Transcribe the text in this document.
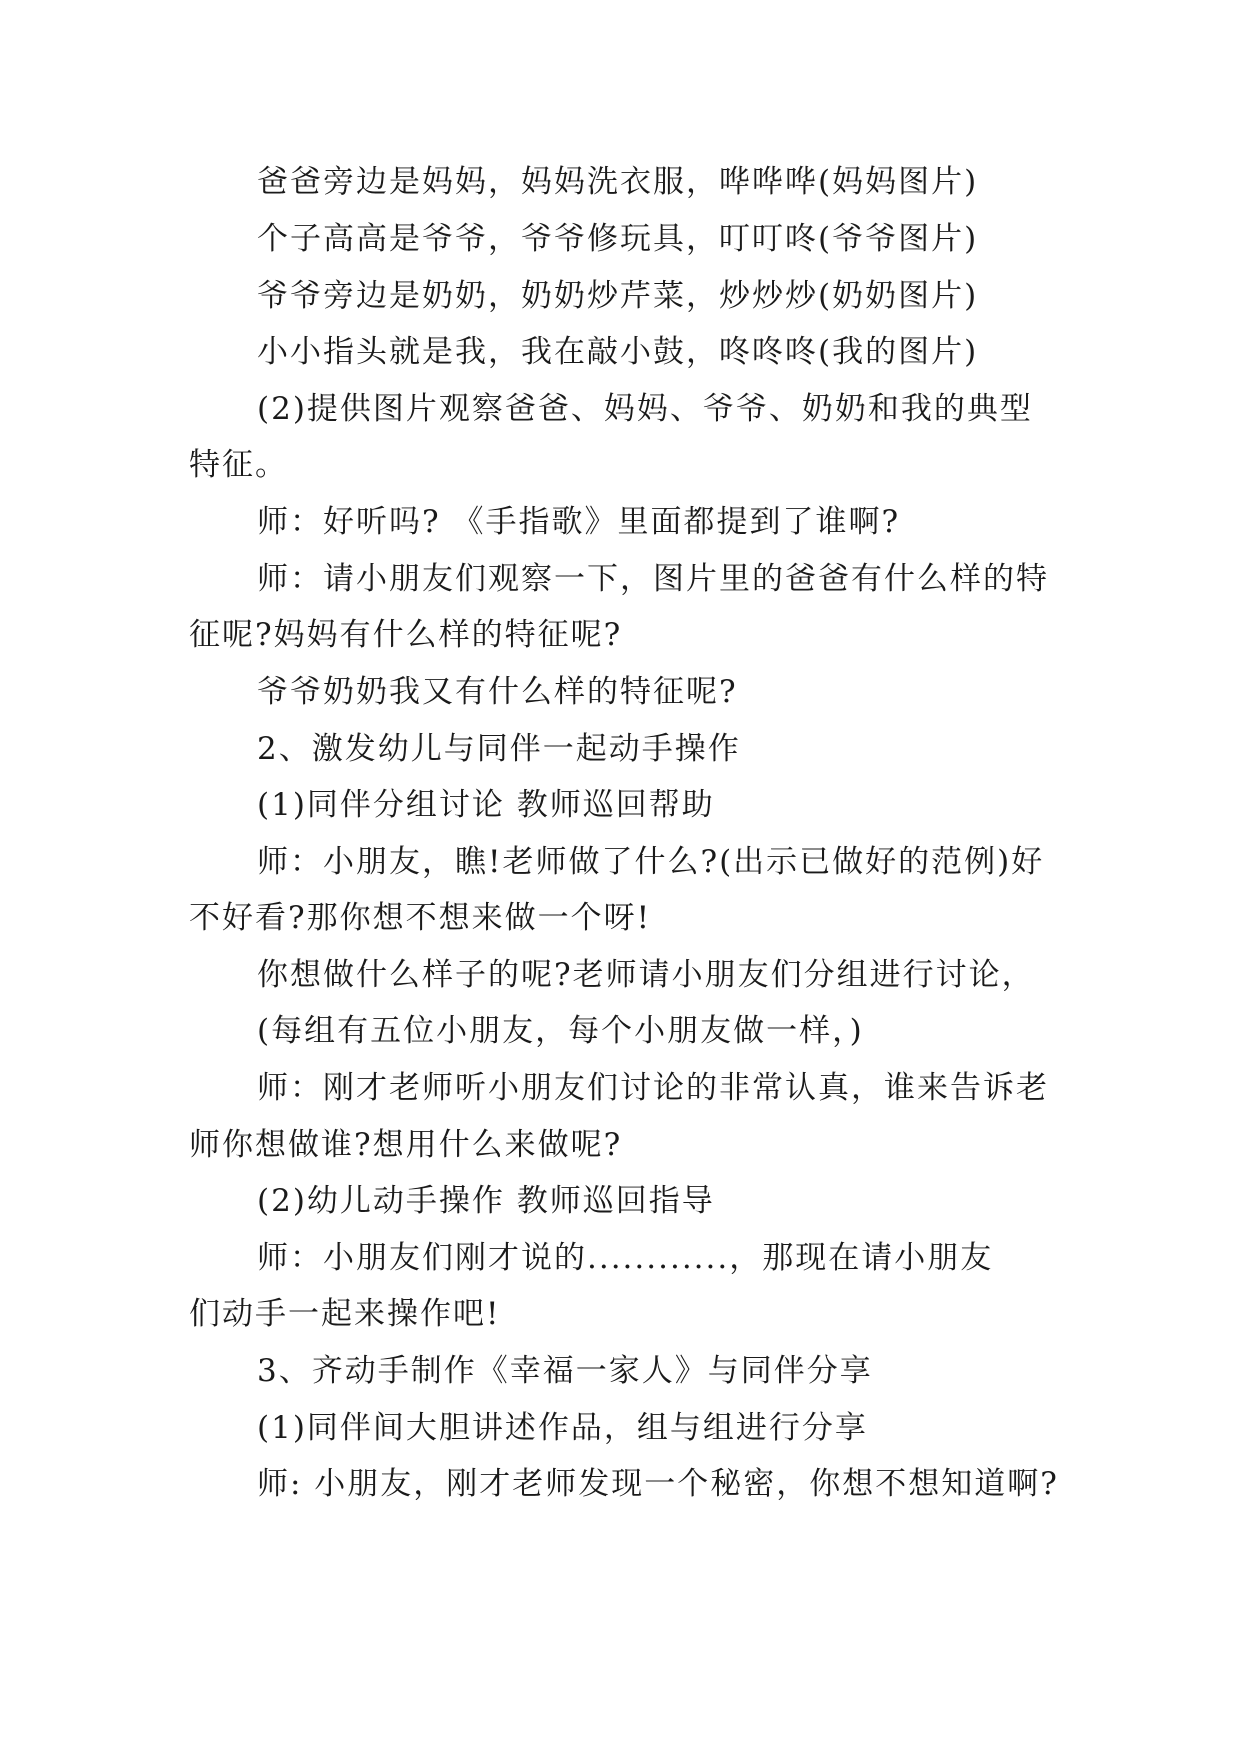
爸爸旁边是妈妈，妈妈洗衣服，哗哗哗(妈妈图片)
个子高高是爷爷，爷爷修玩具，叮叮咚(爷爷图片)
爷爷旁边是奶奶，奶奶炒芹菜，炒炒炒(奶奶图片)
小小指头就是我，我在敲小鼓，咚咚咚(我的图片)
(2)提供图片观察爸爸、妈妈、爷爷、奶奶和我的典型
特征。
师：好听吗? 《手指歌》里面都提到了谁啊?
师：请小朋友们观察一下，图片里的爸爸有什么样的特
征呢?妈妈有什么样的特征呢?
爷爷奶奶我又有什么样的特征呢?
2、激发幼儿与同伴一起动手操作
(1)同伴分组讨论 教师巡回帮助
师：小朋友，瞧!老师做了什么?(出示已做好的范例)好
不好看?那你想不想来做一个呀!
你想做什么样子的呢?老师请小朋友们分组进行讨论，
(每组有五位小朋友，每个小朋友做一样，)
师：刚才老师听小朋友们讨论的非常认真，谁来告诉老
师你想做谁?想用什么来做呢?
(2)幼儿动手操作 教师巡回指导
师：小朋友们刚才说的............，那现在请小朋友
们动手一起来操作吧!
3、齐动手制作《幸福一家人》与同伴分享
(1)同伴间大胆讲述作品，组与组进行分享
师: 小朋友，刚才老师发现一个秘密，你想不想知道啊?
